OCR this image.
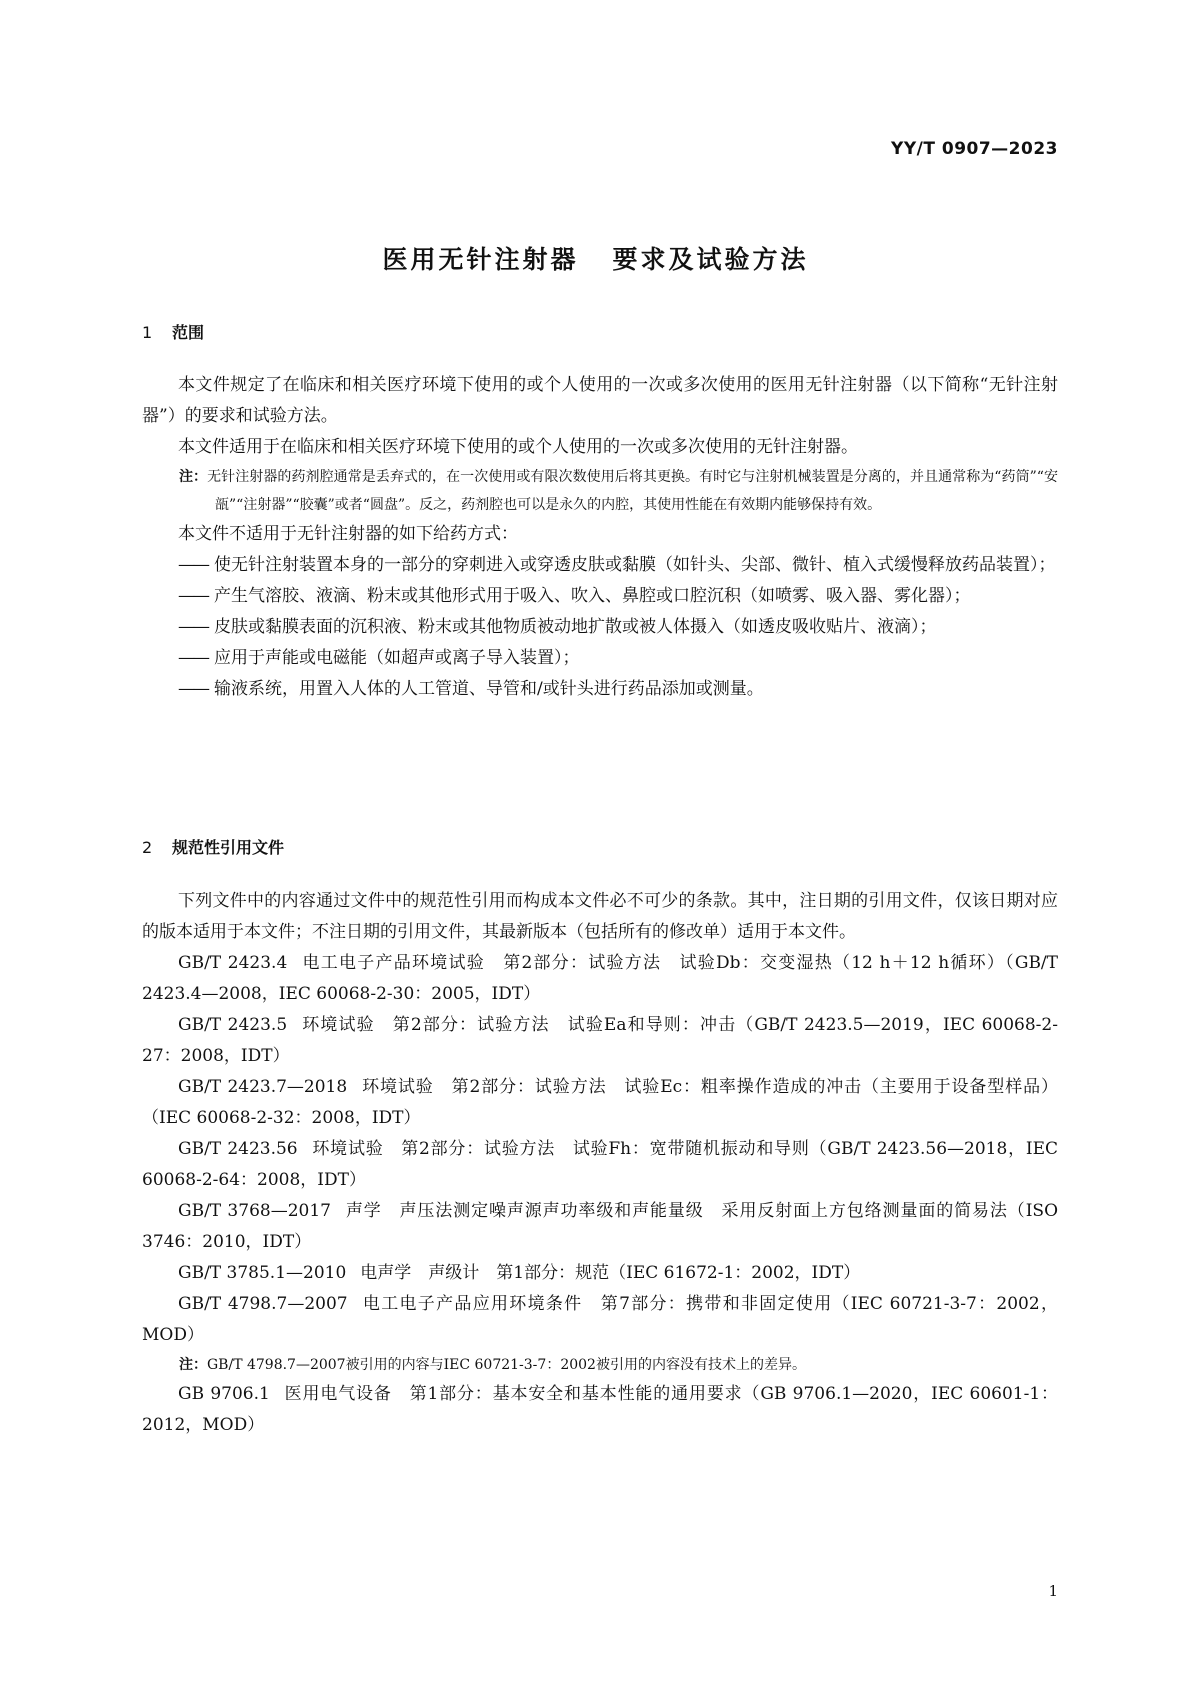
YY/T 0907—2023
医用无针注射器 要求及试验方法
1 范围

本文件规定了在临床和相关医疗环境下使用的或个人使用的一次或多次使用的医用无针注射器（以下简称“无针注射器”）的要求和试验方法。

本文件适用于在临床和相关医疗环境下使用的或个人使用的一次或多次使用的无针注射器。

注：无针注射器的药剂腔通常是丢弃式的，在一次使用或有限次数使用后将其更换。有时它与注射机械装置是分离的，并且通常称为“药筒”“安瓿”“注射器”“胶囊”或者“圆盘”。反之，药剂腔也可以是永久的内腔，其使用性能在有效期内能够保持有效。

本文件不适用于无针注射器的如下给药方式：

—— 使无针注射装置本身的一部分的穿刺进入或穿透皮肤或黏膜（如针头、尖部、微针、植入式缓慢释放药品装置）；

—— 产生气溶胶、液滴、粉末或其他形式用于吸入、吹入、鼻腔或口腔沉积（如喷雾、吸入器、雾化器）；

—— 皮肤或黏膜表面的沉积液、粉末或其他物质被动地扩散或被人体摄入（如透皮吸收贴片、液滴）；

—— 应用于声能或电磁能（如超声或离子导入装置）；

—— 输液系统，用置入人体的人工管道、导管和/或针头进行药品添加或测量。

2 规范性引用文件

下列文件中的内容通过文件中的规范性引用而构成本文件必不可少的条款。其中，注日期的引用文件，仅该日期对应的版本适用于本文件；不注日期的引用文件，其最新版本（包括所有的修改单）适用于本文件。

GB/T 2423.4 电工电子产品环境试验　第2部分：试验方法　试验Db：交变湿热（12 h＋12 h循环）（GB/T 2423.4—2008，IEC 60068-2-30：2005，IDT）

GB/T 2423.5 环境试验　第2部分：试验方法　试验Ea和导则：冲击（GB/T 2423.5—2019，IEC 60068-2-27：2008，IDT）

GB/T 2423.7—2018 环境试验　第2部分：试验方法　试验Ec：粗率操作造成的冲击（主要用于设备型样品）（IEC 60068-2-32：2008，IDT）

GB/T 2423.56 环境试验　第2部分：试验方法　试验Fh：宽带随机振动和导则（GB/T 2423.56—2018，IEC 60068-2-64：2008，IDT）

GB/T 3768—2017 声学　声压法测定噪声源声功率级和声能量级　采用反射面上方包络测量面的简易法（ISO 3746：2010，IDT）

GB/T 3785.1—2010 电声学　声级计　第1部分：规范（IEC 61672-1：2002，IDT）

GB/T 4798.7—2007 电工电子产品应用环境条件　第7部分：携带和非固定使用（IEC 60721-3-7：2002，MOD）

注：GB/T 4798.7—2007被引用的内容与IEC 60721-3-7：2002被引用的内容没有技术上的差异。

GB 9706.1 医用电气设备　第1部分：基本安全和基本性能的通用要求（GB 9706.1—2020，IEC 60601-1：2012，MOD）

1
